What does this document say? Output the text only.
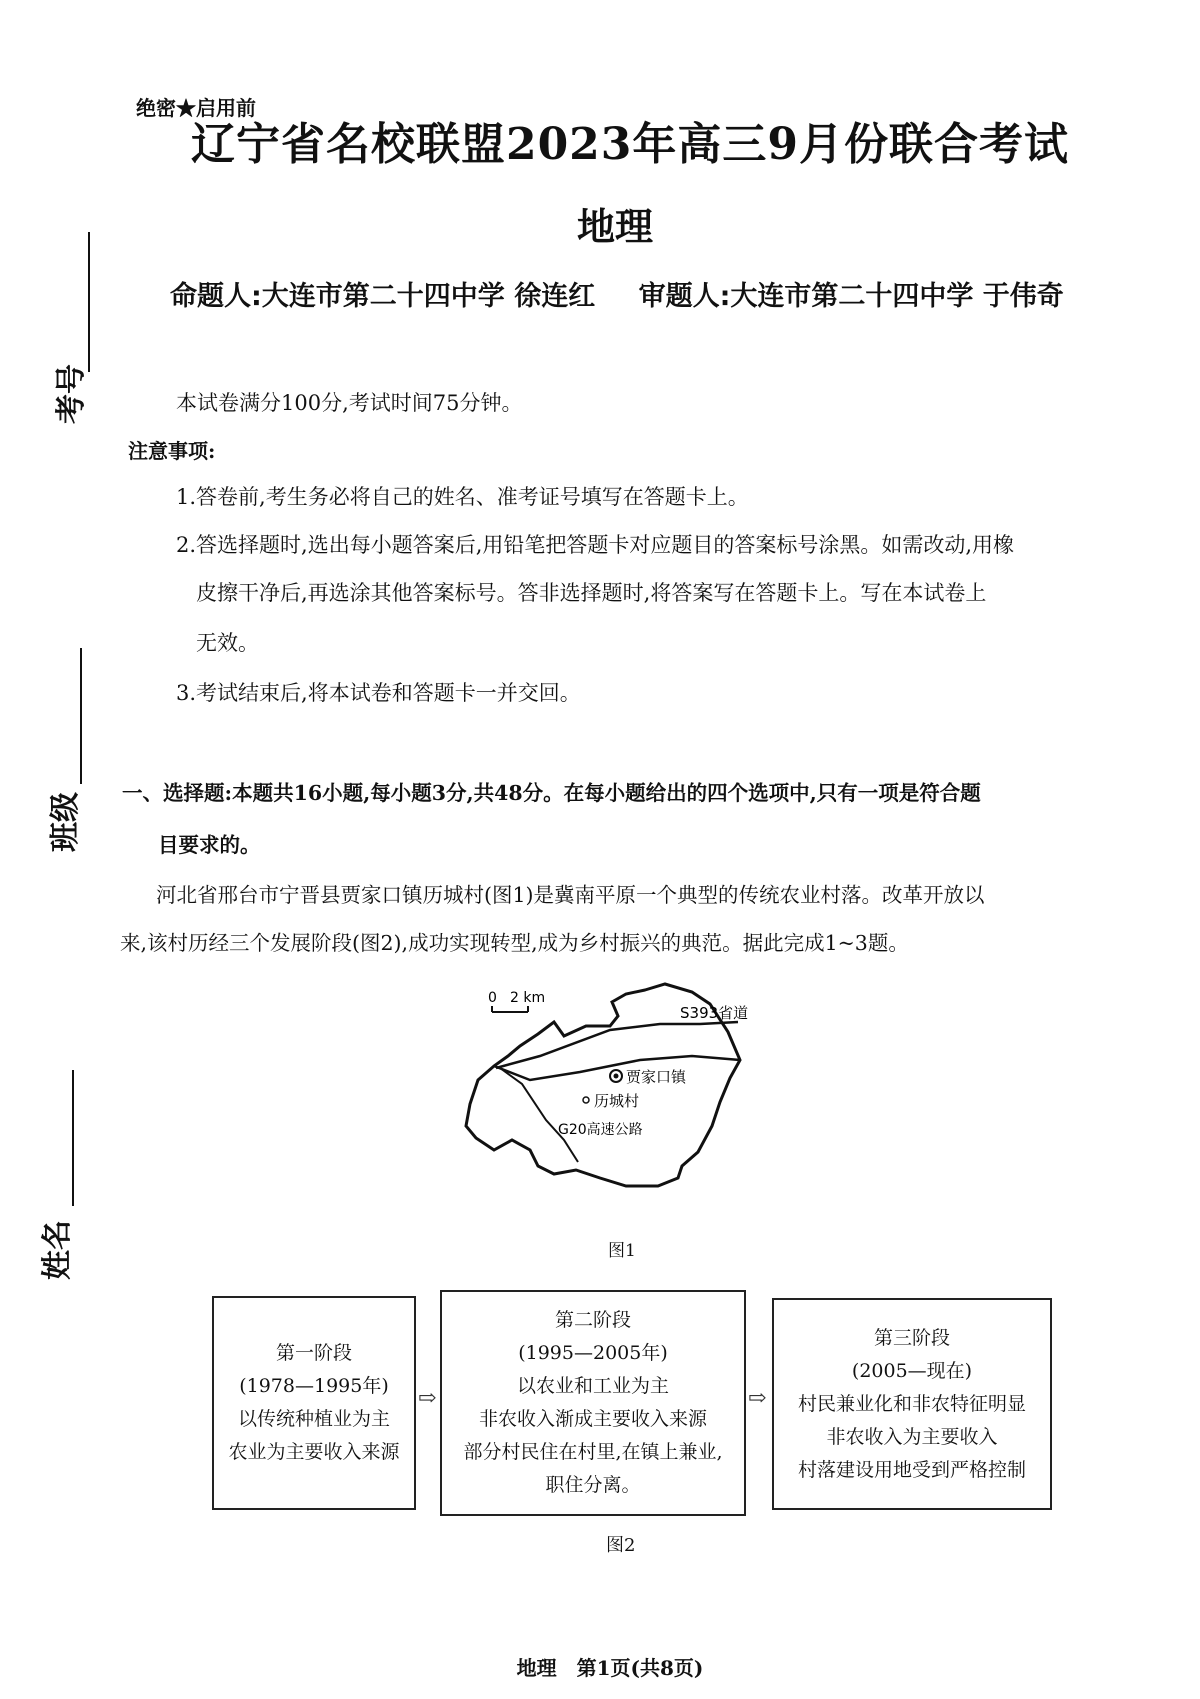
绝密★启用前
辽宁省名校联盟2023年高三9月份联合考试
地理
命题人:大连市第二十四中学 徐连红 审题人:大连市第二十四中学 于伟奇
考号
班级
姓名
本试卷满分100分,考试时间75分钟。
注意事项:
1.答卷前,考生务必将自己的姓名、准考证号填写在答题卡上。
2.答选择题时,选出每小题答案后,用铅笔把答题卡对应题目的答案标号涂黑。如需改动,用橡
皮擦干净后,再选涂其他答案标号。答非选择题时,将答案写在答题卡上。写在本试卷上
无效。
3.考试结束后,将本试卷和答题卡一并交回。
一、选择题:本题共16小题,每小题3分,共48分。在每小题给出的四个选项中,只有一项是符合题
目要求的。
河北省邢台市宁晋县贾家口镇历城村(图1)是冀南平原一个典型的传统农业村落。改革开放以
来,该村历经三个发展阶段(图2),成功实现转型,成为乡村振兴的典范。据此完成1~3题。
0 2 km
S393省道
贾家口镇
历城村
G20高速公路
图1
第一阶段
(1978—1995年)
以传统种植业为主
农业为主要收入来源
⇨
第二阶段
(1995—2005年)
以农业和工业为主
非农收入渐成主要收入来源
部分村民住在村里,在镇上兼业,
职住分离。
⇨
第三阶段
(2005—现在)
村民兼业化和非农特征明显
非农收入为主要收入
村落建设用地受到严格控制
图2
地理　第1页(共8页)
